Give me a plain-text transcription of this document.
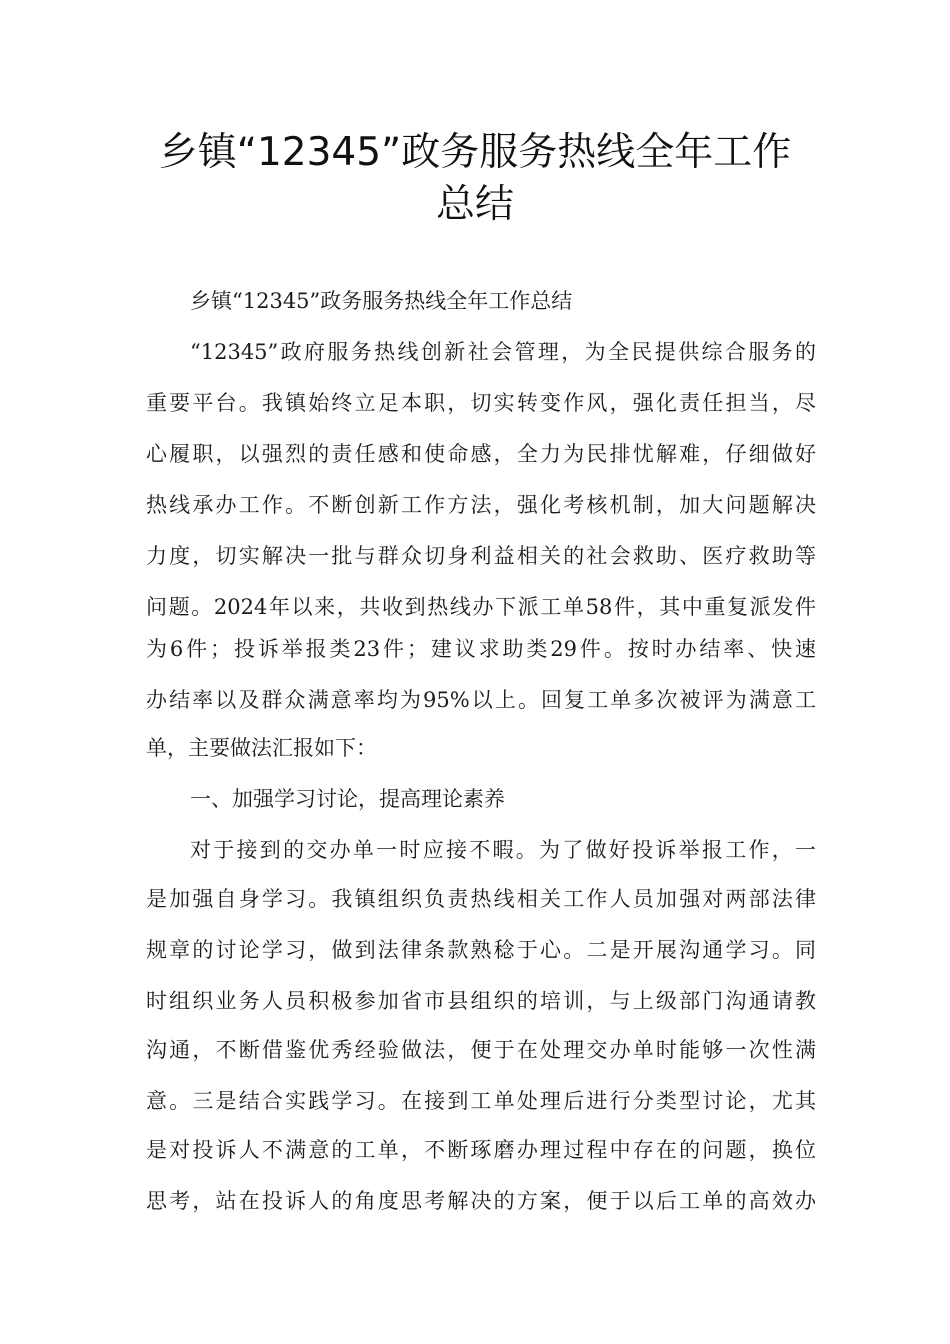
乡镇“12345”政务服务热线全年工作
总结
乡镇“12345”政务服务热线全年工作总结
“12345”政府服务热线创新社会管理，为全民提供综合服务的
重要平台。我镇始终立足本职，切实转变作风，强化责任担当，尽
心履职，以强烈的责任感和使命感，全力为民排忧解难，仔细做好
热线承办工作。不断创新工作方法，强化考核机制，加大问题解决
力度，切实解决一批与群众切身利益相关的社会救助、医疗救助等
问题。2024年以来，共收到热线办下派工单58件，其中重复派发件
为6件；投诉举报类23件；建议求助类29件。按时办结率、快速
办结率以及群众满意率均为95%以上。回复工单多次被评为满意工
单，主要做法汇报如下：
一、加强学习讨论，提高理论素养
对于接到的交办单一时应接不暇。为了做好投诉举报工作，一
是加强自身学习。我镇组织负责热线相关工作人员加强对两部法律
规章的讨论学习，做到法律条款熟稔于心。二是开展沟通学习。同
时组织业务人员积极参加省市县组织的培训，与上级部门沟通请教
沟通，不断借鉴优秀经验做法，便于在处理交办单时能够一次性满
意。三是结合实践学习。在接到工单处理后进行分类型讨论，尤其
是对投诉人不满意的工单，不断琢磨办理过程中存在的问题，换位
思考，站在投诉人的角度思考解决的方案，便于以后工单的高效办
